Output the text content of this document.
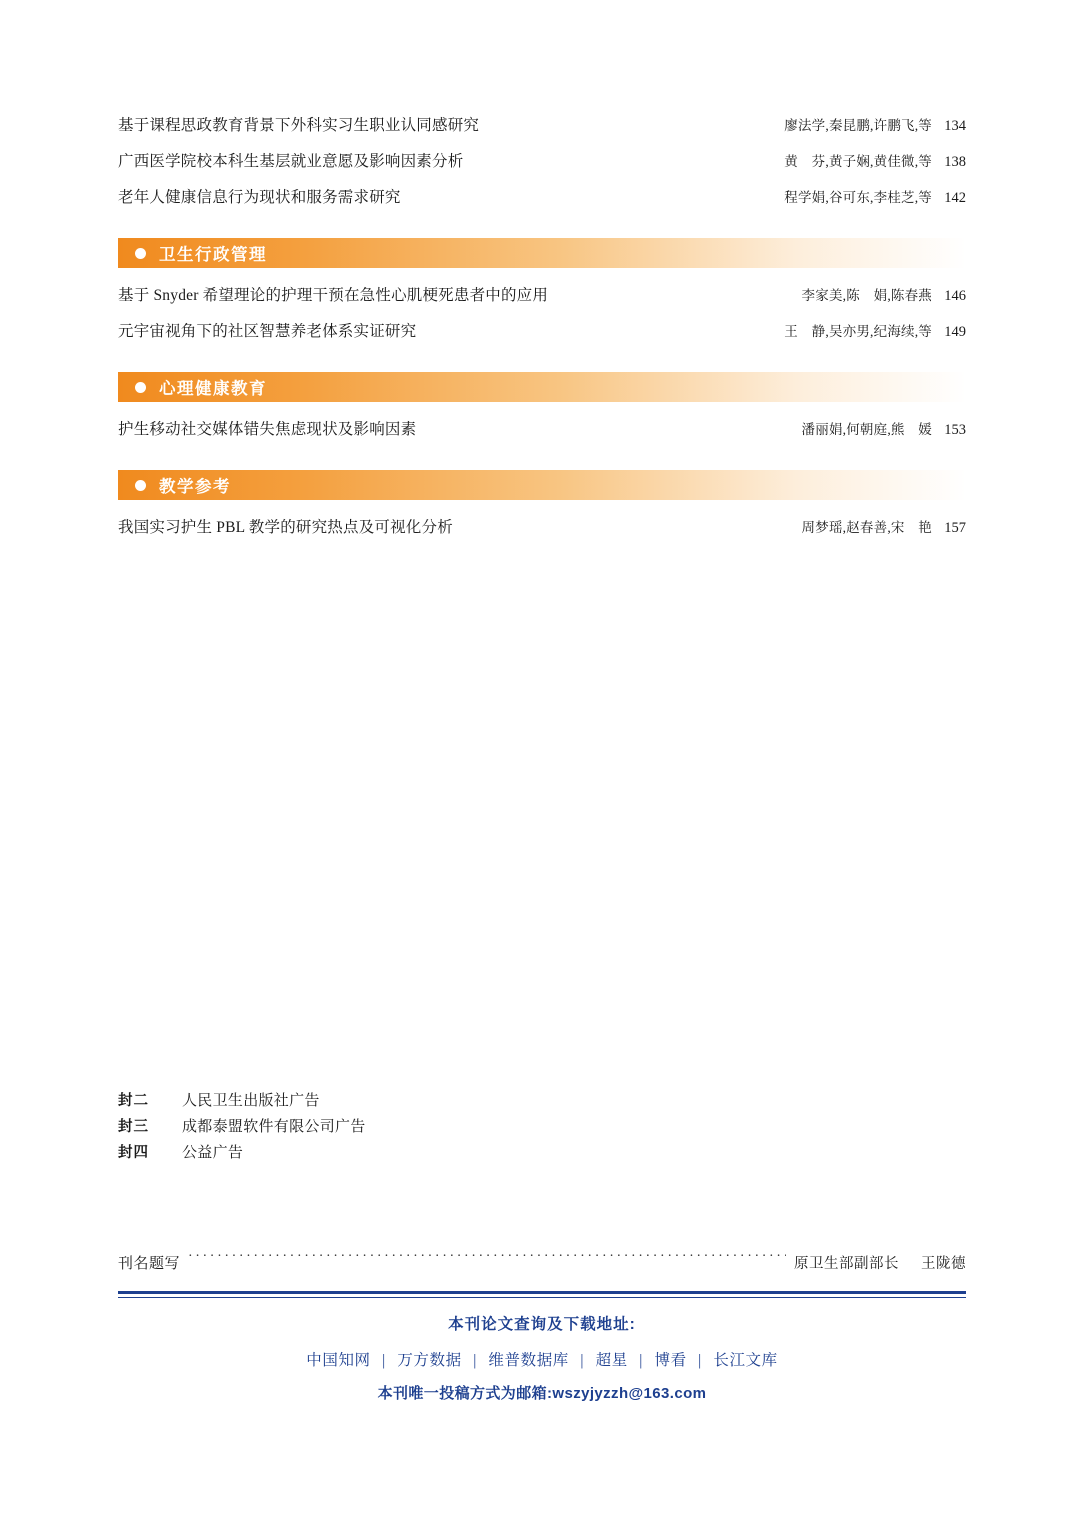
基于课程思政教育背景下外科实习生职业认同感研究 ·····	廖法学,秦昆鹏,许鹏飞,等 134
广西医学院校本科生基层就业意愿及影响因素分析 ·····	黄　芬,黄子娴,黄佳微,等 138
老年人健康信息行为现状和服务需求研究 ·····	程学娟,谷可东,李桂芝,等 142
卫生行政管理
基于 Snyder 希望理论的护理干预在急性心肌梗死患者中的应用 ·····	李家美,陈　娟,陈春燕 146
元宇宙视角下的社区智慧养老体系实证研究 ·····	王　静,吴亦男,纪海续,等 149
心理健康教育
护生移动社交媒体错失焦虑现状及影响因素 ·····	潘丽娟,何朝庭,熊　媛 153
教学参考
我国实习护生 PBL 教学的研究热点及可视化分析 ·····	周梦瑶,赵春善,宋　艳 157
封二	人民卫生出版社广告
封三	成都泰盟软件有限公司广告
封四	公益广告
刊名题写 ·····	原卫生部副部长 王陇德
本刊论文查询及下载地址:
中国知网 | 万方数据 | 维普数据库 | 超星 | 博看 | 长江文库
本刊唯一投稿方式为邮箱:wszyjyzzh@163.com
